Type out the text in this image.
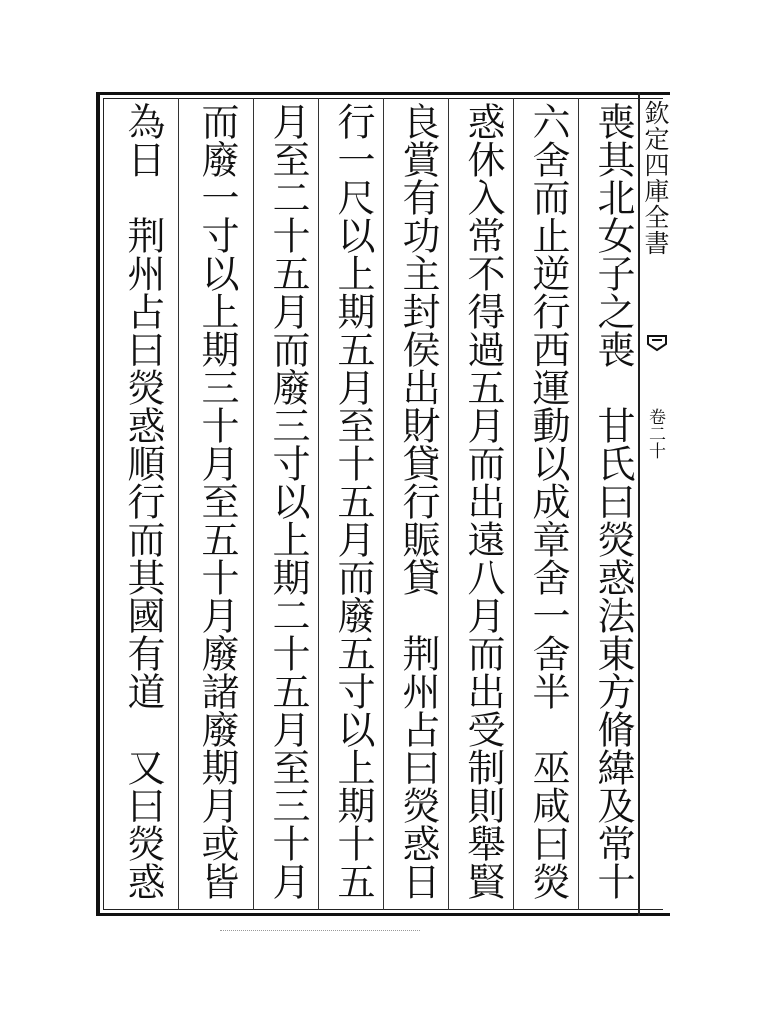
欽定四庫全書
卷二十
喪其北女子之喪　甘氏曰熒惑法東方脩緯及常十
六舍而止逆行西運動以成章舍一舍半　巫咸曰熒
惑休入常不得過五月而出遠八月而出受制則舉賢
良賞有功主封侯出財貸行賑貸　荆州占曰熒惑日
行一尺以上期五月至十五月而廢五寸以上期十五
月至二十五月而廢三寸以上期二十五月至三十月
而廢一寸以上期三十月至五十月廢諸廢期月或皆
為日　荆州占曰熒惑順行而其國有道　又曰熒惑
